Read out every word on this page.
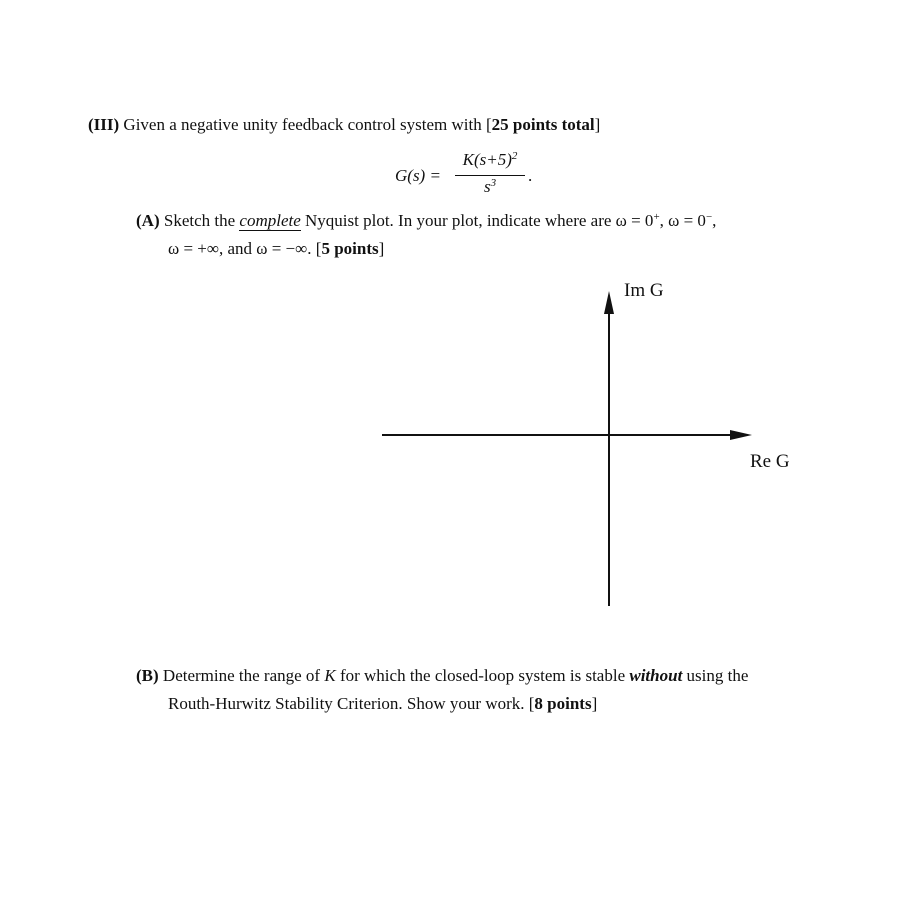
(III) Given a negative unity feedback control system with [25 points total]
G(s) =
$K(s+5)^2$
$s^3$	.
(A) Sketch the complete Nyquist plot. In your plot, indicate where are ω = 0+, ω = 0−,
ω = +∞, and ω = −∞. [5 points]
Im G
Re G
(B) Determine the range of K for which the closed-loop system is stable without using the
Routh-Hurwitz Stability Criterion. Show your work. [8 points]
